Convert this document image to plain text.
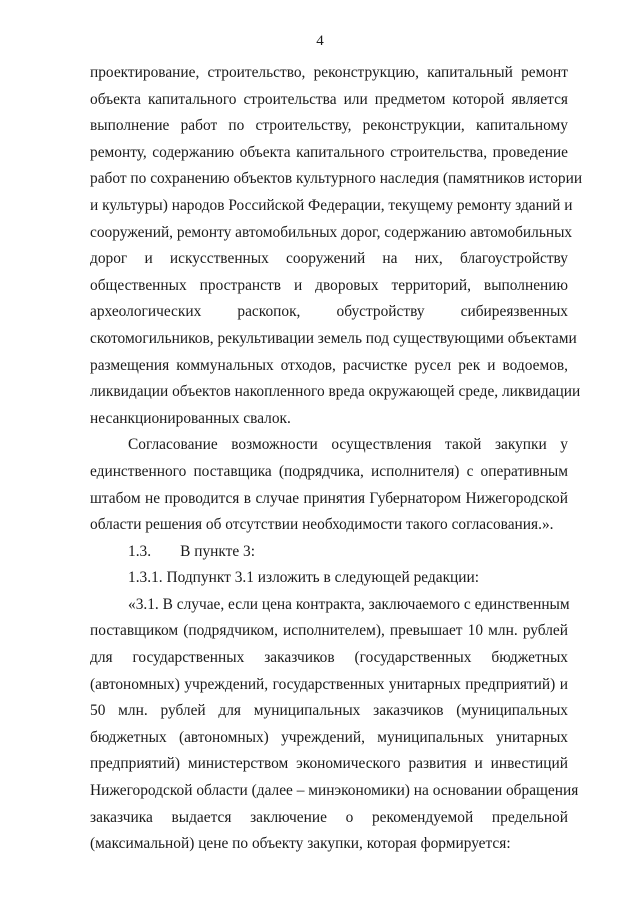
4
проектирование, строительство, реконструкцию, капитальный ремонт
объекта капитального строительства или предметом которой является
выполнение работ по строительству, реконструкции, капитальному
ремонту, содержанию объекта капитального строительства, проведение
работ по сохранению объектов культурного наследия (памятников истории
и культуры) народов Российской Федерации, текущему ремонту зданий и
сооружений, ремонту автомобильных дорог, содержанию автомобильных
дорог и искусственных сооружений на них, благоустройству
общественных пространств и дворовых территорий, выполнению
археологических раскопок, обустройству сибиреязвенных
скотомогильников, рекультивации земель под существующими объектами
размещения коммунальных отходов, расчистке русел рек и водоемов,
ликвидации объектов накопленного вреда окружающей среде, ликвидации
несанкционированных свалок.
Согласование возможности осуществления такой закупки у
единственного поставщика (подрядчика, исполнителя) с оперативным
штабом не проводится в случае принятия Губернатором Нижегородской
области решения об отсутствии необходимости такого согласования.».
1.3. В пункте 3:
1.3.1. Подпункт 3.1 изложить в следующей редакции:
«3.1. В случае, если цена контракта, заключаемого с единственным
поставщиком (подрядчиком, исполнителем), превышает 10 млн. рублей
для государственных заказчиков (государственных бюджетных
(автономных) учреждений, государственных унитарных предприятий) и
50 млн. рублей для муниципальных заказчиков (муниципальных
бюджетных (автономных) учреждений, муниципальных унитарных
предприятий) министерством экономического развития и инвестиций
Нижегородской области (далее – минэкономики) на основании обращения
заказчика выдается заключение о рекомендуемой предельной
(максимальной) цене по объекту закупки, которая формируется:
